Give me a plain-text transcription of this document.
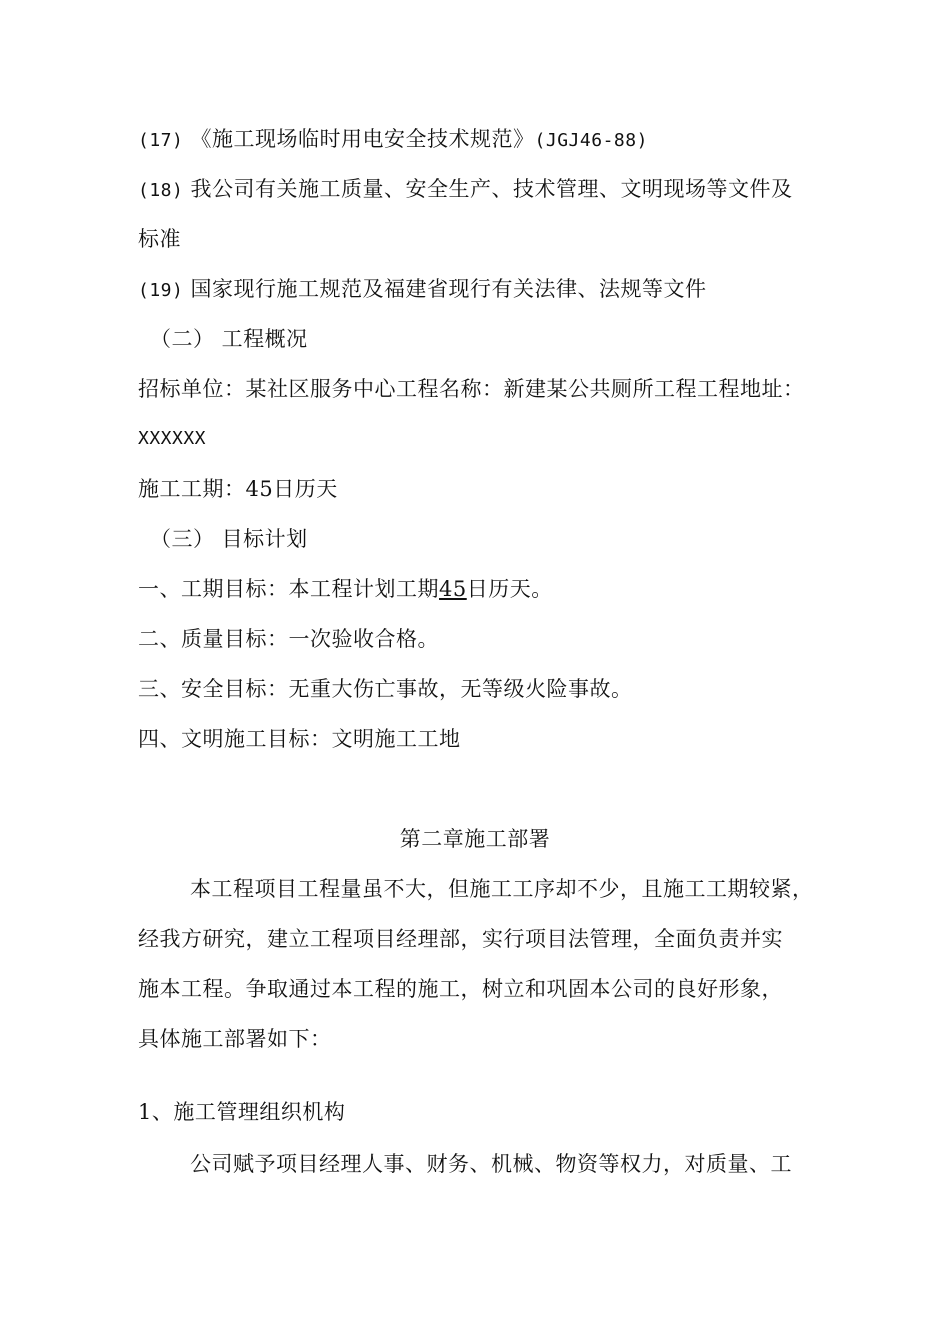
(17) 《施工现场临时用电安全技术规范》(JGJ46-88)
(18) 我公司有关施工质量、安全生产、技术管理、文明现场等文件及
标准
(19) 国家现行施工规范及福建省现行有关法律、法规等文件
（二） 工程概况
招标单位：某社区服务中心工程名称：新建某公共厕所工程工程地址：
XXXXXX
施工工期：45日历天
（三） 目标计划
一、工期目标：本工程计划工期45日历天。
二、质量目标：一次验收合格。
三、安全目标：无重大伤亡事故，无等级火险事故。
四、文明施工目标：文明施工工地
第二章施工部署
本工程项目工程量虽不大，但施工工序却不少，且施工工期较紧，
经我方研究，建立工程项目经理部，实行项目法管理，全面负责并实
施本工程。争取通过本工程的施工，树立和巩固本公司的良好形象，
具体施工部署如下：
1、施工管理组织机构
公司赋予项目经理人事、财务、机械、物资等权力，对质量、工
